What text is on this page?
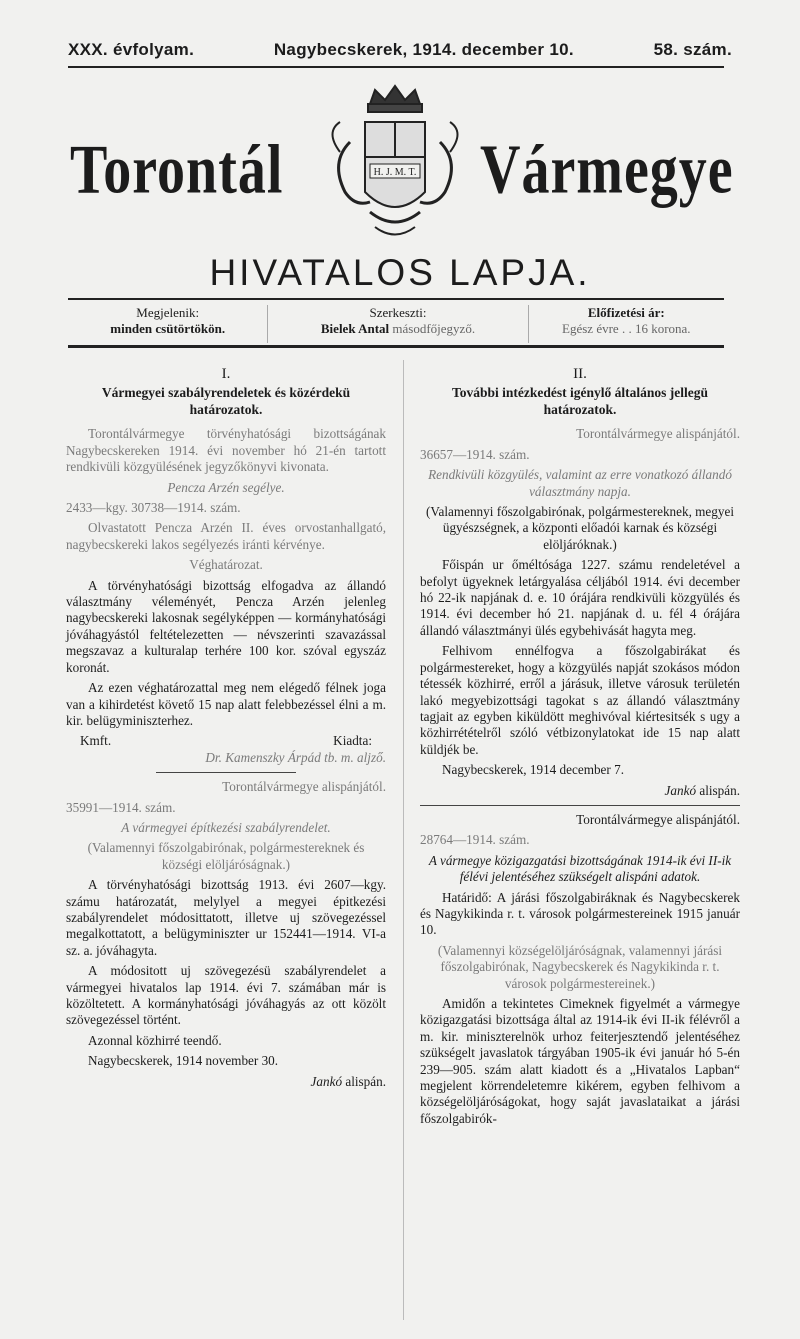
XXX. évfolyam.	Nagybecskerek, 1914. december 10.	58. szám.
Torontál	H. J. M. T. Vármegye
HIVATALOS LAPJA.
Megjelenik:
minden csütörtökön.
Szerkeszti:
Bielek Antal másodfőjegyző.
Előfizetési ár:
Egész évre . . 16 korona.
I.
Vármegyei szabályrendeletek és közérdekü határozatok.

Torontálvármegye törvényhatósági bizottságának Nagybecskereken 1914. évi november hó 21-én tartott rendkivüli közgyülésének jegyzőkönyvi kivonata.

Pencza Arzén segélye.

2433—kgy. 30738—1914. szám.

Olvastatott Pencza Arzén II. éves orvostanhallgató, nagybecskereki lakos segélyezés iránti kérvénye.

Véghatározat.

A törvényhatósági bizottság elfogadva az állandó választmány véleményét, Pencza Arzén jelenleg nagybecskereki lakosnak segélyképpen — kormányhatósági jóváhagyástól feltételezetten — névszerinti szavazással megszavaz a kulturalap terhére 100 kor. szóval egyszáz koronát.

Az ezen véghatározattal meg nem elégedő félnek joga van a kihirdetést követő 15 nap alatt felebbezéssel élni a m. kir. belügyminiszterhez.

Kmft.	Kiadta:

Dr. Kamenszky Árpád tb. m. aljző.

Torontálvármegye alispánjától.

35991—1914. szám.

A vármegyei építkezési szabályrendelet.

(Valamennyi főszolgabirónak, polgármestereknek és községi elöljáróságnak.)

A törvényhatósági bizottság 1913. évi 2607—kgy. számu határozatát, melylyel a megyei épitkezési szabályrendelet módosittatott, illetve uj szövegezéssel megalkottatott, a belügyminiszter ur 152441—1914. VI-a sz. a. jóváhagyta.

A módositott uj szövegezésü szabályrendelet a vármegyei hivatalos lap 1914. évi 7. számában már is közöltetett. A kormányhatósági jóváhagyás az ott közölt szövegezéssel történt.

Azonnal közhirré teendő.

Nagybecskerek, 1914 november 30.

Jankó alispán.

II.
További intézkedést igénylő általános jellegü határozatok.

Torontálvármegye alispánjától.

36657—1914. szám.

Rendkivüli közgyülés, valamint az erre vonatkozó állandó választmány napja.

(Valamennyi főszolgabirónak, polgármestereknek, megyei ügyészségnek, a központi előadói karnak és községi elöljáróknak.)

Főispán ur őméltósága 1227. számu rendeletével a befolyt ügyeknek letárgyalása céljából 1914. évi december hó 22-ik napjának d. e. 10 órájára rendkivüli közgyülés és 1914. évi december hó 21. napjának d. u. fél 4 órájára állandó választmányi ülés egybehivását hagyta meg.

Felhivom ennélfogva a főszolgabirákat és polgármestereket, hogy a közgyülés napját szokásos módon tétessék közhirré, erről a járásuk, illetve városuk területén lakó megyebizottsági tagokat s az állandó választmány tagjait az egyben kiküldött meghivóval kiértesitsék s ugy a közhirrétételről szóló vétbizonylatokat ide 15 nap alatt küldjék be.

Nagybecskerek, 1914 december 7.

Jankó alispán.

Torontálvármegye alispánjától.

28764—1914. szám.

A vármegye közigazgatási bizottságának 1914-ik évi II-ik félévi jelentéséhez szükségelt alispáni adatok.

Határidő: A járási főszolgabiráknak és Nagybecskerek és Nagykikinda r. t. városok polgármestereinek 1915 január 10.

(Valamennyi községelöljáróságnak, valamennyi járási főszolgabirónak, Nagybecskerek és Nagykikinda r. t. városok polgármestereinek.)

Amidőn a tekintetes Cimeknek figyelmét a vármegye közigazgatási bizottsága által az 1914-ik évi II-ik félévről a m. kir. miniszterelnök urhoz feiterjesztendő jelentéséhez szükségelt javaslatok tárgyában 1905-ik évi január hó 5-én 239—905. szám alatt kiadott és a „Hivatalos Lapban“ megjelent körrendeletemre kikérem, egyben felhivom a községelöljáróságokat, hogy saját javaslataikat a járási főszolgabirók-
